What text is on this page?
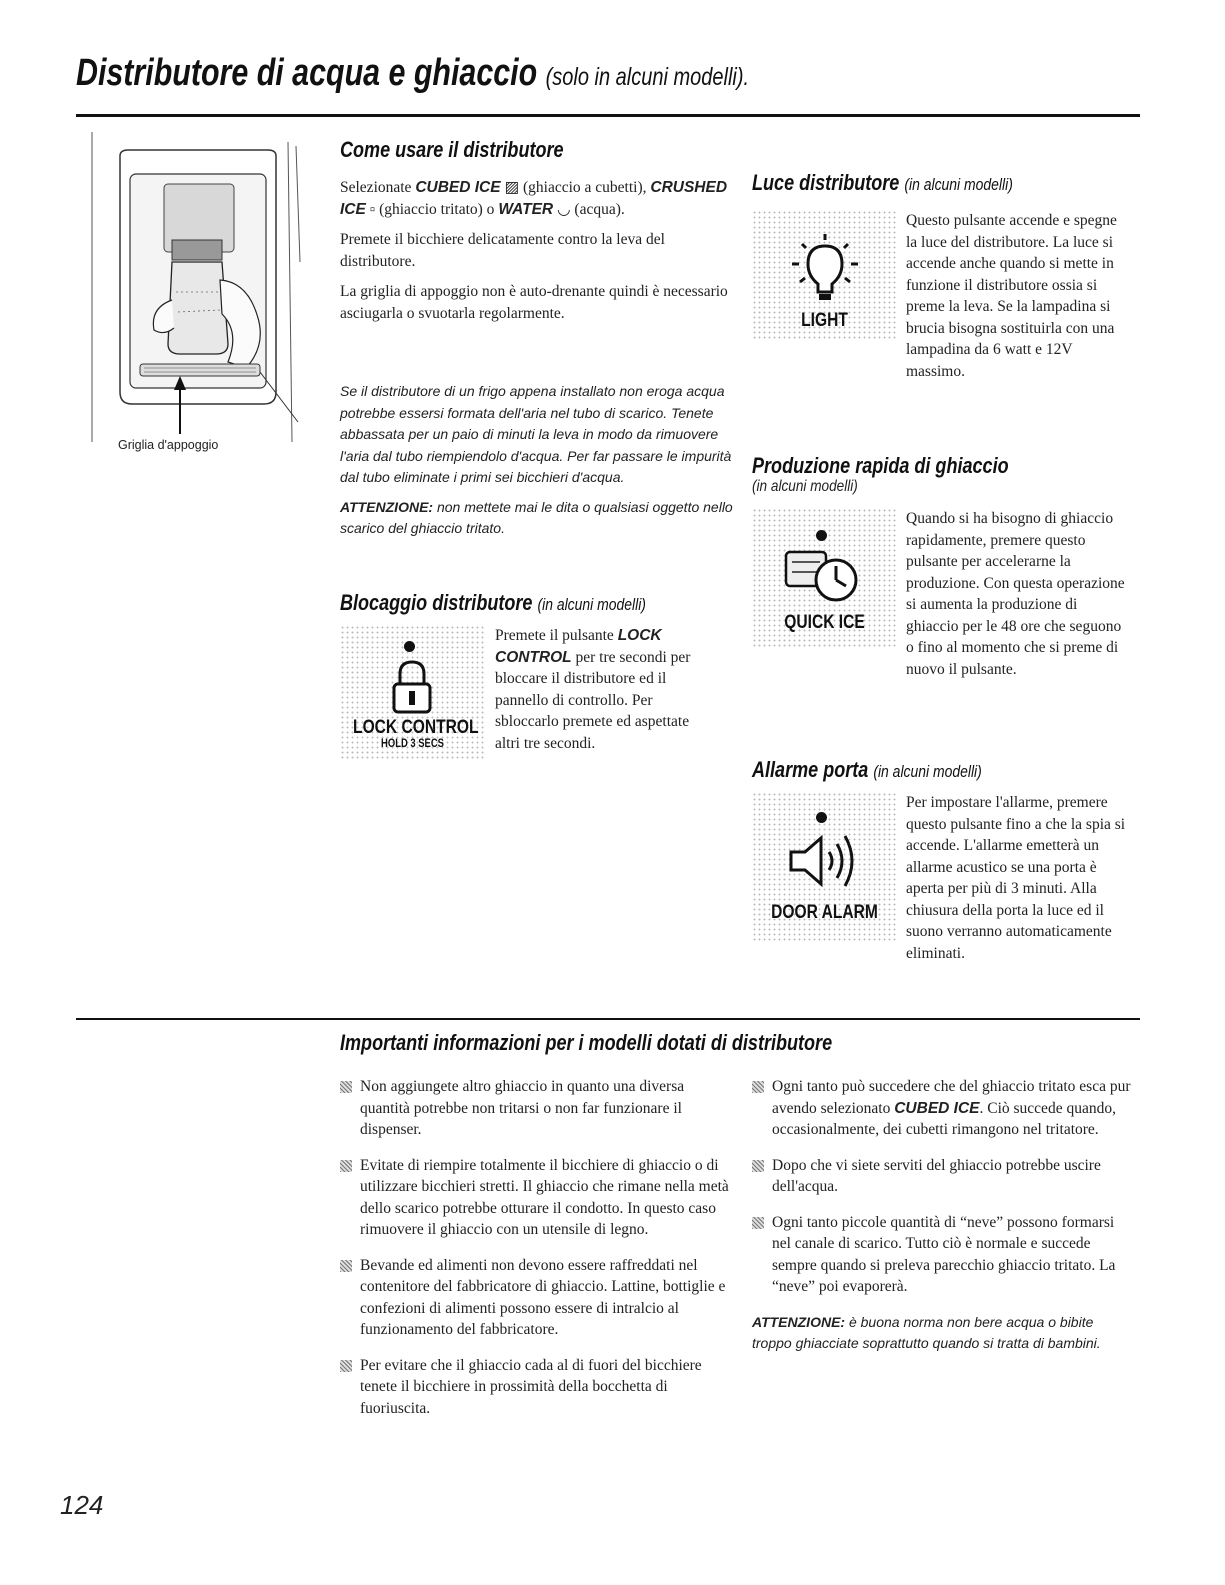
Distributore di acqua e ghiaccio (solo in alcuni modelli).
Griglia d'appoggio
Come usare il distributore

Selezionate CUBED ICE ▨ (ghiaccio a cubetti), CRUSHED ICE ▫ (ghiaccio tritato) o WATER ◡ (acqua).

Premete il bicchiere delicatamente contro la leva del distributore.

La griglia di appoggio non è auto-drenante quindi è necessario asciugarla o svuotarla regolarmente.

Se il distributore di un frigo appena installato non eroga acqua potrebbe essersi formata dell'aria nel tubo di scarico. Tenete abbassata per un paio di minuti la leva in modo da rimuovere l'aria dal tubo riempiendolo d'acqua. Per far passare le impurità dal tubo eliminate i primi sei bicchieri d'acqua.

ATTENZIONE: non mettete mai le dita o qualsiasi oggetto nello scarico del ghiaccio tritato.

Blocaggio distributore (in alcuni modelli)
LOCK CONTROL
HOLD 3 SECS

Premete il pulsante LOCK CONTROL per tre secondi per bloccare il distributore ed il pannello di controllo. Per sbloccarlo premete ed aspettate altri tre secondi.

Luce distributore (in alcuni modelli)
LIGHT
Questo pulsante accende e spegne la luce del distributore. La luce si accende anche quando si mette in funzione il distributore ossia si preme la leva. Se la lampadina si brucia bisogna sostituirla con una lampadina da 6 watt e 12V massimo.
Produzione rapida di ghiaccio
(in alcuni modelli)
QUICK ICE
Quando si ha bisogno di ghiaccio rapidamente, premere questo pulsante per accelerarne la produzione. Con questa operazione si aumenta la produzione di ghiaccio per le 48 ore che seguono o fino al momento che si preme di nuovo il pulsante.
Allarme porta (in alcuni modelli)
DOOR ALARM
Per impostare l'allarme, premere questo pulsante fino a che la spia si accende. L'allarme emetterà un allarme acustico se una porta è aperta per più di 3 minuti. Alla chiusura della porta la luce ed il suono verranno automaticamente eliminati.
Importanti informazioni per i modelli dotati di distributore
Non aggiungete altro ghiaccio in quanto una diversa quantità potrebbe non tritarsi o non far funzionare il dispenser.
Evitate di riempire totalmente il bicchiere di ghiaccio o di utilizzare bicchieri stretti. Il ghiaccio che rimane nella metà dello scarico potrebbe otturare il condotto. In questo caso rimuovere il ghiaccio con un utensile di legno.
Bevande ed alimenti non devono essere raffreddati nel contenitore del fabbricatore di ghiaccio. Lattine, bottiglie e confezioni di alimenti possono essere di intralcio al funzionamento del fabbricatore.
Per evitare che il ghiaccio cada al di fuori del bicchiere tenete il bicchiere in prossimità della bocchetta di fuoriuscita.
Ogni tanto può succedere che del ghiaccio tritato esca pur avendo selezionato CUBED ICE. Ciò succede quando, occasionalmente, dei cubetti rimangono nel tritatore.
Dopo che vi siete serviti del ghiaccio potrebbe uscire dell'acqua.
Ogni tanto piccole quantità di “neve” possono formarsi nel canale di scarico. Tutto ciò è normale e succede sempre quando si preleva parecchio ghiaccio tritato. La “neve” poi evaporerà.
ATTENZIONE: è buona norma non bere acqua o bibite troppo ghiacciate soprattutto quando si tratta di bambini.
124
